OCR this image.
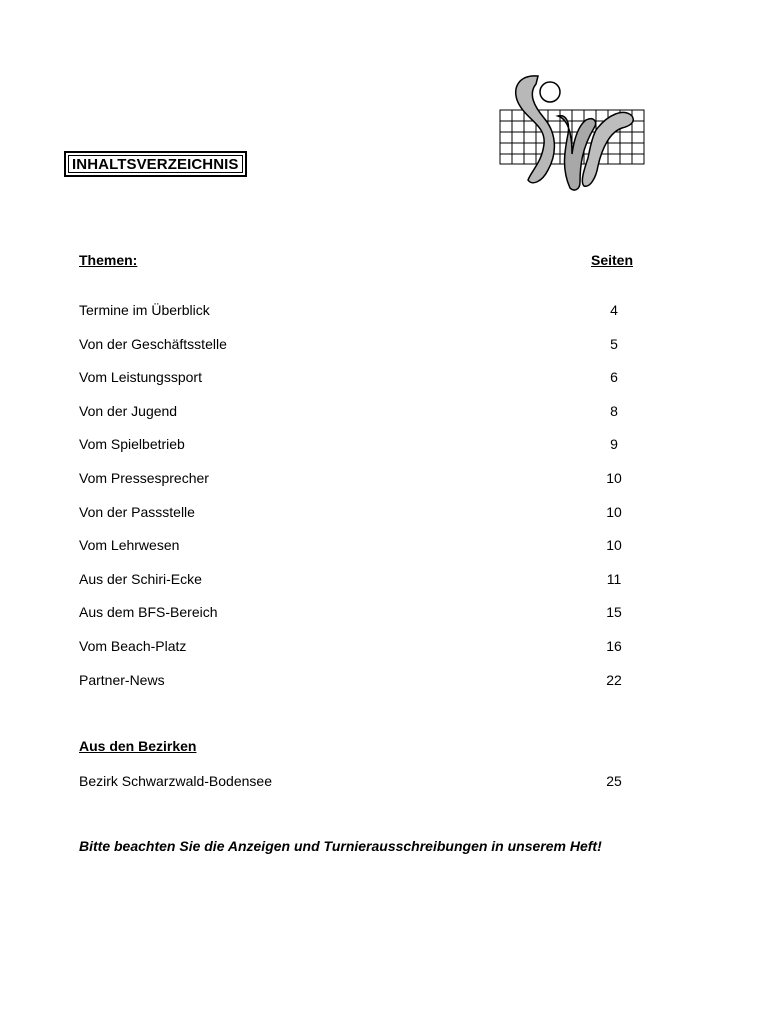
INHALTSVERZEICHNIS
Themen:	Seiten
Termine im Überblick	4
Von der Geschäftsstelle	5
Vom Leistungssport	6
Von der Jugend	8
Vom Spielbetrieb	9
Vom Pressesprecher	10
Von der Passstelle	10
Vom Lehrwesen	10
Aus der Schiri-Ecke	11
Aus dem BFS-Bereich	15
Vom Beach-Platz	16
Partner-News	22
Aus den Bezirken
Bezirk Schwarzwald-Bodensee	25
Bitte beachten Sie die Anzeigen und Turnierausschreibungen in unserem Heft!
